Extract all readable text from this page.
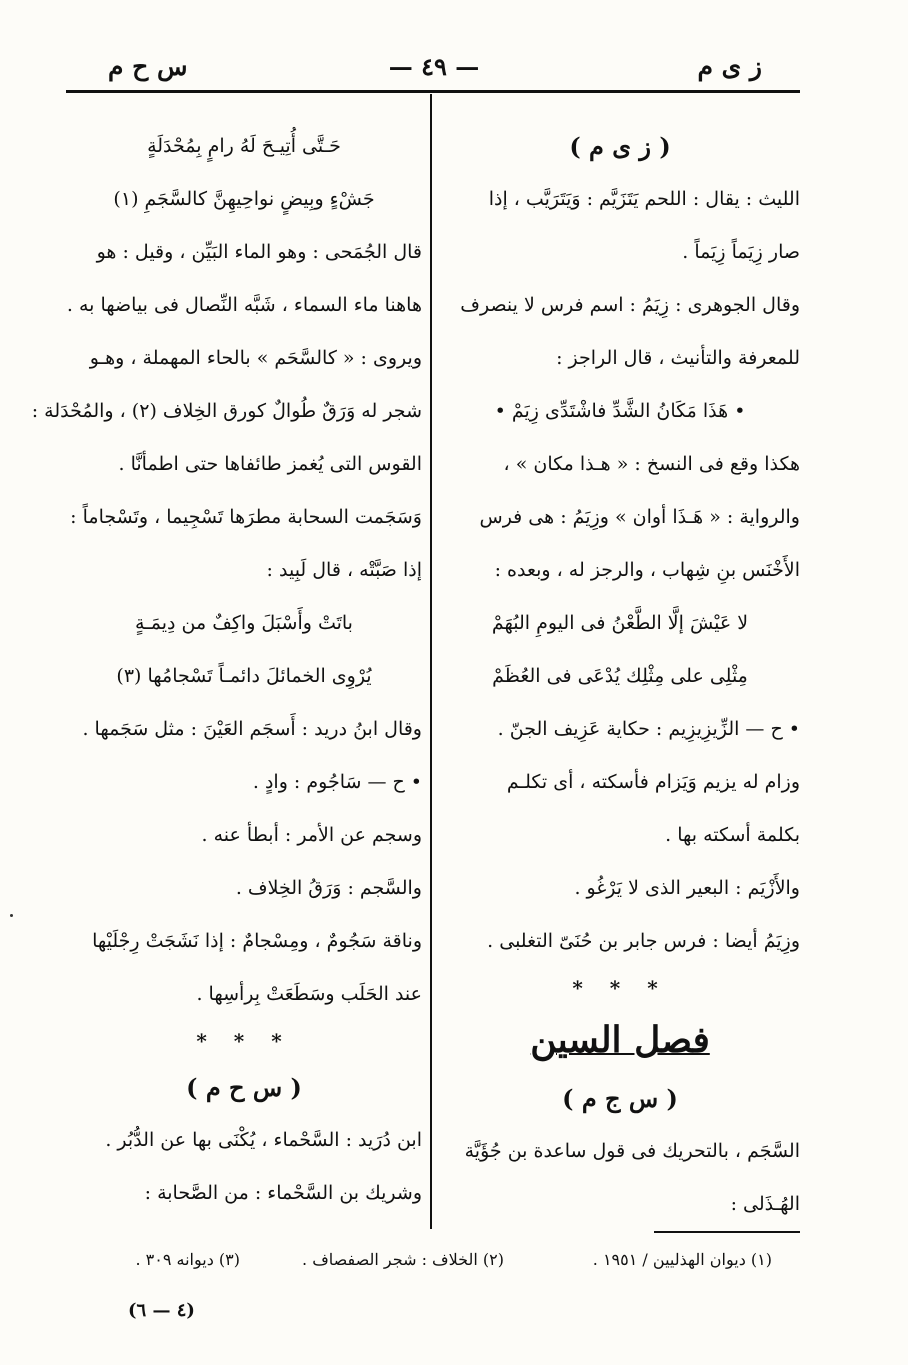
س ح م	— ٤٩ —	ز ى م
( ز ى م )
الليث : يقال : اللحم يَتَزَيَّم : وَيَتَرَيَّب ، إذا
صار زِيَماً زِيَماً .
وقال الجوهرى : زِيَمُ : اسم فرس لا ينصرف
للمعرفة والتأنيث ، قال الراجز :
• هَذَا مَكَانُ الشَّدِّ فاشْتَدِّى زِيَمْ •
هكذا وقع فى النسخ : « هـذا مكان » ،
والرواية : « هَـذَا أوان » وزِيَمُ : هى فرس
الأَخْنَس بنِ شِهاب ، والرجز له ، وبعده :
لا عَيْشَ إلَّا الطَّعْنُ فى اليومِ البُهَمْ
مِثْلِى على مِثْلِك يُدْعَى فى العُظَمْ
• ح — الزِّيزِيزِيم : حكاية عَزِيف الجنّ .
وزام له يزيم وَيَزام فأسكته ، أى تكلـم
بكلمة أسكته بها .
والأَزْيَم : البعير الذى لا يَرْغُو .
وزِيَمُ أيضا : فرس جابر بن حُنَىّ التغلبى .
* * *
فصل السين
( س ج م )
السَّجَم ، بالتحريك فى قول ساعدة بن جُؤَيَّة
الهُـذَلى :
حَـتَّى أُتِيـحَ لَهُ رامٍ بِمُحْدَلَةٍ
جَشْءٍ وبِيضٍ نواحِيهِنَّ كالسَّجَمِ (١)
قال الجُمَحى : وهو الماء البَيِّن ، وقيل : هو
هاهنا ماء السماء ، شَبَّه النِّصال فى بياضها به .
ويروى : « كالسَّحَم » بالحاء المهملة ، وهـو
شجر له وَرَقٌ طُوالٌ كورق الخِلاف (٢) ، والمُحْدَلة :
القوس التى يُغمز طائفاها حتى اطمأنَّا .
وَسَجَمت السحابة مطرَها تَسْجِيما ، وتَسْجاماً :
إذا صَبَّتْه ، قال لَبِيد :
باتَتْ وأَسْبَلَ واكِفٌ من دِيمَـةٍ
يُرْوِى الخمائلَ دائمـاً تَسْجامُها (٣)
وقال ابنُ دريد : أَسجَم العَيْنَ : مثل سَجَمها .
• ح — سَاجُوم : وادٍ .
وسجم عن الأمر : أبطأ عنه .
والسَّجم : وَرَقُ الخِلاف .
وناقة سَجُومٌ ، ومِسْجامٌ : إذا نَشَجَتْ رِجْلَيْها
عند الحَلَب وسَطَعَتْ بِرأسِها .
* * *
( س ح م )
ابن دُرَيد : السَّحْماء ، يُكْنَى بها عن الدُّبُر .
وشريك بن السَّحْماء : من الصَّحابة :
(١) ديوان الهذليين / ١٩٥١ .
(٢) الخلاف : شجر الصفصاف .
(٣) ديوانه ٣٠٩ .
(٤ — ٦)
